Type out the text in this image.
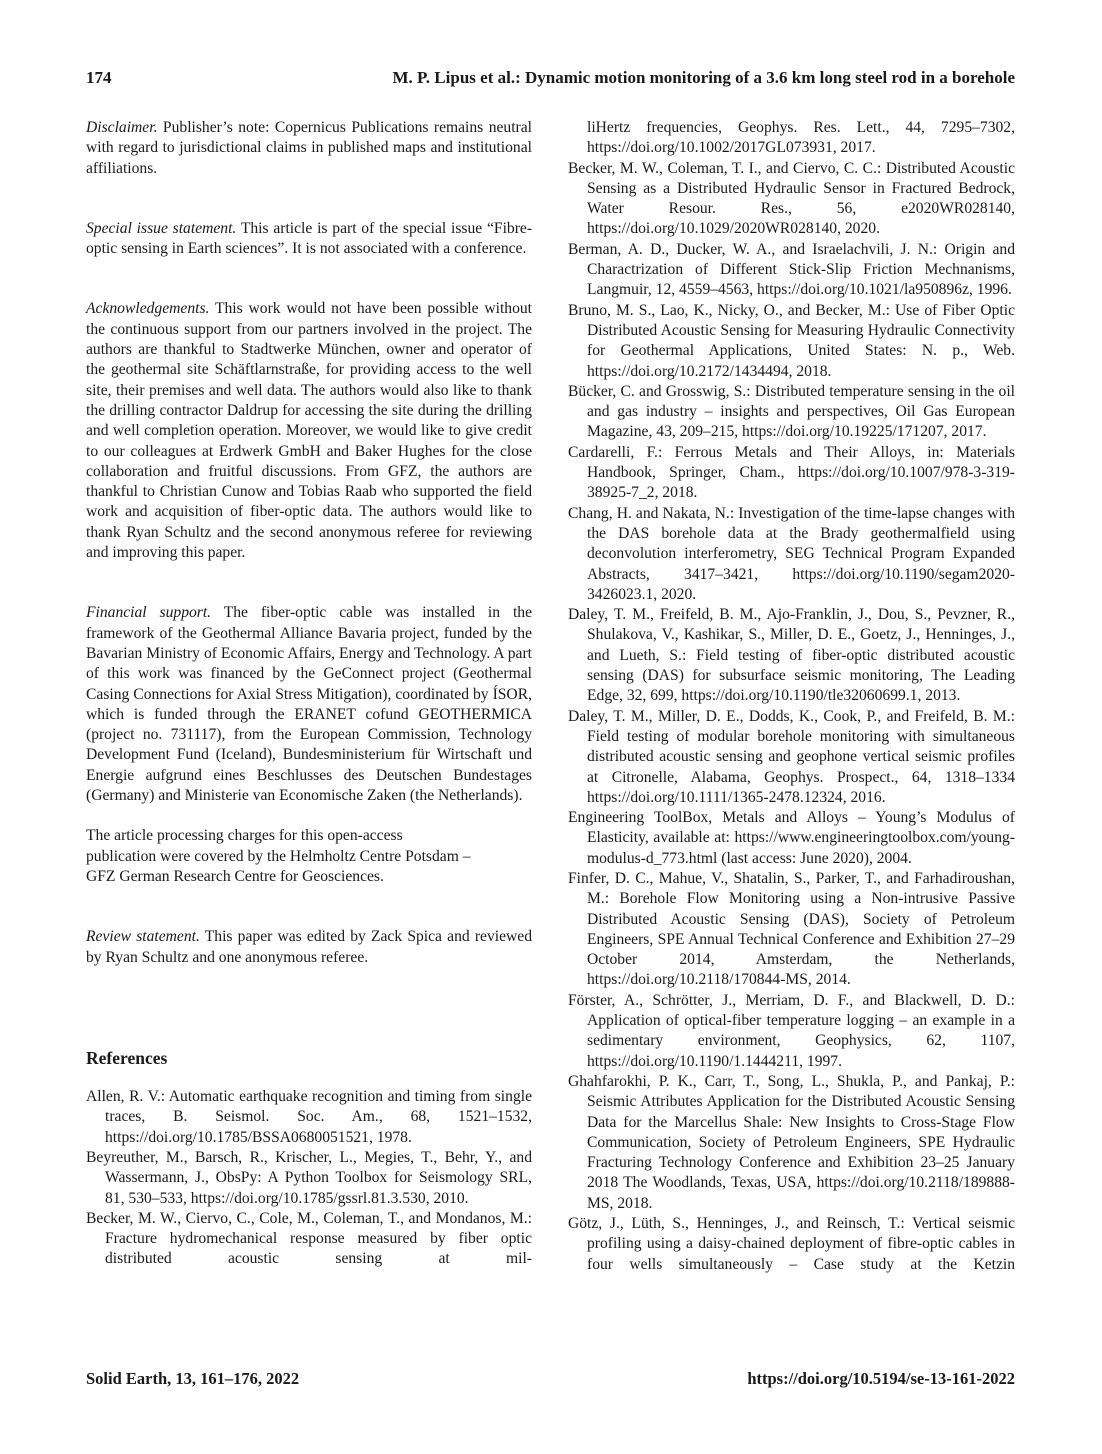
174	M. P. Lipus et al.: Dynamic motion monitoring of a 3.6 km long steel rod in a borehole

Disclaimer. Publisher’s note: Copernicus Publications remains neutral with regard to jurisdictional claims in published maps and institutional affiliations.

Special issue statement. This article is part of the special issue “Fibre-optic sensing in Earth sciences”. It is not associated with a conference.

Acknowledgements. This work would not have been possible without the continuous support from our partners involved in the project. The authors are thankful to Stadtwerke München, owner and operator of the geothermal site Schäftlarnstraße, for providing access to the well site, their premises and well data. The authors would also like to thank the drilling contractor Daldrup for accessing the site during the drilling and well completion operation. Moreover, we would like to give credit to our colleagues at Erdwerk GmbH and Baker Hughes for the close collaboration and fruitful discussions. From GFZ, the authors are thankful to Christian Cunow and Tobias Raab who supported the field work and acquisition of fiber-optic data. The authors would like to thank Ryan Schultz and the second anonymous referee for reviewing and improving this paper.

Financial support. The fiber-optic cable was installed in the framework of the Geothermal Alliance Bavaria project, funded by the Bavarian Ministry of Economic Affairs, Energy and Technology. A part of this work was financed by the GeConnect project (Geothermal Casing Connections for Axial Stress Mitigation), coordinated by ÍSOR, which is funded through the ERANET cofund GEOTHERMICA (project no. 731117), from the European Commission, Technology Development Fund (Iceland), Bundesministerium für Wirtschaft und Energie aufgrund eines Beschlusses des Deutschen Bundestages (Germany) and Ministerie van Economische Zaken (the Netherlands).

The article processing charges for this open-access
publication were covered by the Helmholtz Centre Potsdam –
GFZ German Research Centre for Geosciences.

Review statement. This paper was edited by Zack Spica and reviewed by Ryan Schultz and one anonymous referee.

References

Allen, R. V.: Automatic earthquake recognition and timing from single traces, B. Seismol. Soc. Am., 68, 1521–1532, https://doi.org/10.1785/BSSA0680051521, 1978.

Beyreuther, M., Barsch, R., Krischer, L., Megies, T., Behr, Y., and Wassermann, J., ObsPy: A Python Toolbox for Seismology SRL, 81, 530–533, https://doi.org/10.1785/gssrl.81.3.530, 2010.

Becker, M. W., Ciervo, C., Cole, M., Coleman, T., and Mondanos, M.: Fracture hydromechanical response measured by fiber optic distributed acoustic sensing at mil-

liHertz frequencies, Geophys. Res. Lett., 44, 7295–7302, https://doi.org/10.1002/2017GL073931, 2017.

Becker, M. W., Coleman, T. I., and Ciervo, C. C.: Distributed Acoustic Sensing as a Distributed Hydraulic Sensor in Fractured Bedrock, Water Resour. Res., 56, e2020WR028140, https://doi.org/10.1029/2020WR028140, 2020.

Berman, A. D., Ducker, W. A., and Israelachvili, J. N.: Origin and Charactrization of Different Stick-Slip Friction Mechnanisms, Langmuir, 12, 4559–4563, https://doi.org/10.1021/la950896z, 1996.

Bruno, M. S., Lao, K., Nicky, O., and Becker, M.: Use of Fiber Optic Distributed Acoustic Sensing for Measuring Hydraulic Connectivity for Geothermal Applications, United States: N. p., Web. https://doi.org/10.2172/1434494, 2018.

Bücker, C. and Grosswig, S.: Distributed temperature sensing in the oil and gas industry – insights and perspectives, Oil Gas European Magazine, 43, 209–215, https://doi.org/10.19225/171207, 2017.

Cardarelli, F.: Ferrous Metals and Their Alloys, in: Materials Handbook, Springer, Cham., https://doi.org/10.1007/978-3-319-38925-7_2, 2018.

Chang, H. and Nakata, N.: Investigation of the time-lapse changes with the DAS borehole data at the Brady geothermalfield using deconvolution interferometry, SEG Technical Program Expanded Abstracts, 3417–3421, https://doi.org/10.1190/segam2020-3426023.1, 2020.

Daley, T. M., Freifeld, B. M., Ajo-Franklin, J., Dou, S., Pevzner, R., Shulakova, V., Kashikar, S., Miller, D. E., Goetz, J., Henninges, J., and Lueth, S.: Field testing of fiber-optic distributed acoustic sensing (DAS) for subsurface seismic monitoring, The Leading Edge, 32, 699, https://doi.org/10.1190/tle32060699.1, 2013.

Daley, T. M., Miller, D. E., Dodds, K., Cook, P., and Freifeld, B. M.: Field testing of modular borehole monitoring with simultaneous distributed acoustic sensing and geophone vertical seismic profiles at Citronelle, Alabama, Geophys. Prospect., 64, 1318–1334 https://doi.org/10.1111/1365-2478.12324, 2016.

Engineering ToolBox, Metals and Alloys – Young’s Modulus of Elasticity, available at: https://www.engineeringtoolbox.com/young-modulus-d_773.html (last access: June 2020), 2004.

Finfer, D. C., Mahue, V., Shatalin, S., Parker, T., and Farhadiroushan, M.: Borehole Flow Monitoring using a Non-intrusive Passive Distributed Acoustic Sensing (DAS), Society of Petroleum Engineers, SPE Annual Technical Conference and Exhibition 27–29 October 2014, Amsterdam, the Netherlands, https://doi.org/10.2118/170844-MS, 2014.

Förster, A., Schrötter, J., Merriam, D. F., and Blackwell, D. D.: Application of optical-fiber temperature logging – an example in a sedimentary environment, Geophysics, 62, 1107, https://doi.org/10.1190/1.1444211, 1997.

Ghahfarokhi, P. K., Carr, T., Song, L., Shukla, P., and Pankaj, P.: Seismic Attributes Application for the Distributed Acoustic Sensing Data for the Marcellus Shale: New Insights to Cross-Stage Flow Communication, Society of Petroleum Engineers, SPE Hydraulic Fracturing Technology Conference and Exhibition 23–25 January 2018 The Woodlands, Texas, USA, https://doi.org/10.2118/189888-MS, 2018.

Götz, J., Lüth, S., Henninges, J., and Reinsch, T.: Vertical seismic profiling using a daisy-chained deployment of fibre-optic cables in four wells simultaneously – Case study at the Ketzin

Solid Earth, 13, 161–176, 2022	https://doi.org/10.5194/se-13-161-2022
